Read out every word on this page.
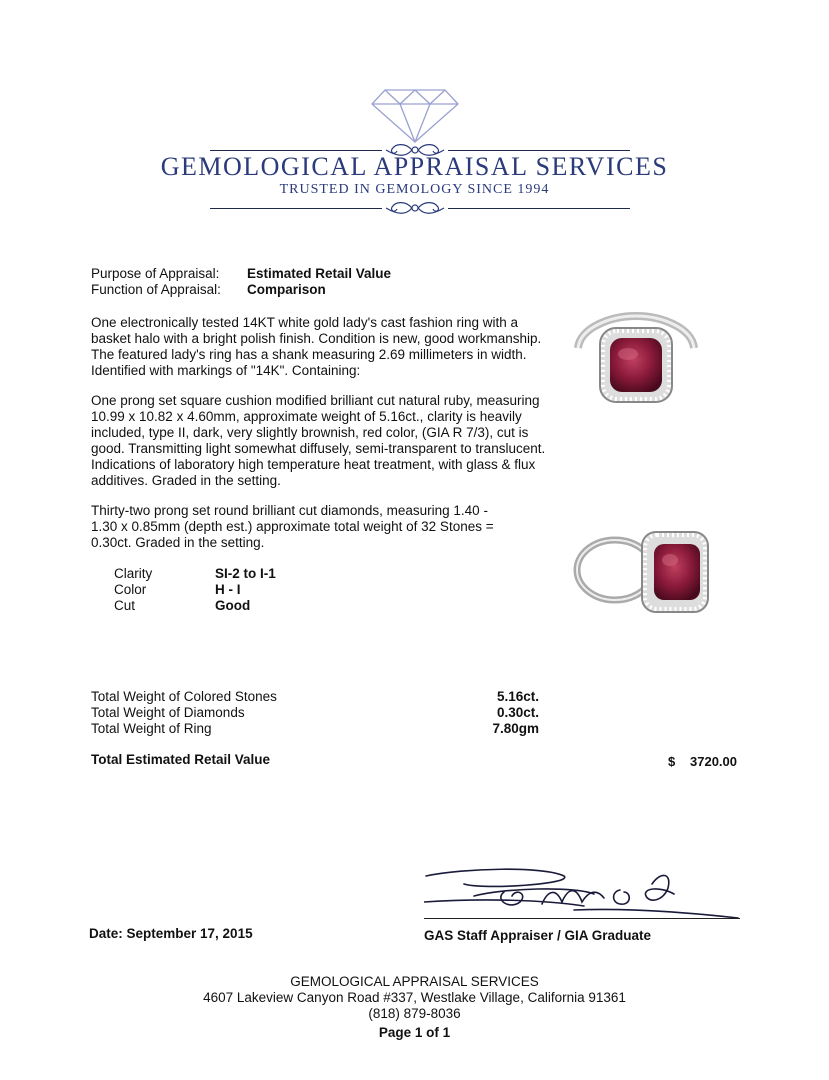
GEMOLOGICAL APPRAISAL SERVICES
TRUSTED IN GEMOLOGY SINCE 1994
Purpose of Appraisal:	Estimated Retail Value
Function of Appraisal:	Comparison
One electronically tested 14KT white gold lady's cast fashion ring with a basket halo with a bright polish finish. Condition is new, good workmanship. The featured lady's ring has a shank measuring 2.69 millimeters in width. Identified with markings of "14K". Containing:
One prong set square cushion modified brilliant cut natural ruby, measuring 10.99 x 10.82 x 4.60mm, approximate weight of 5.16ct., clarity is heavily included, type II, dark, very slightly brownish, red color, (GIA R 7/3), cut is good. Transmitting light somewhat diffusely, semi-transparent to translucent. Indications of laboratory high temperature heat treatment, with glass & flux additives. Graded in the setting.
Thirty-two prong set round brilliant cut diamonds, measuring 1.40 - 1.30 x 0.85mm (depth est.) approximate total weight of 32 Stones = 0.30ct. Graded in the setting.
Clarity	SI-2 to I-1
Color	H - I
Cut	Good
Total Weight of Colored Stones	5.16ct.
Total Weight of Diamonds	0.30ct.
Total Weight of Ring	7.80gm
Total Estimated Retail Value	$ 3720.00
Date: September 17, 2015	GAS Staff Appraiser / GIA Graduate
GEMOLOGICAL APPRAISAL SERVICES
4607 Lakeview Canyon Road #337, Westlake Village, California 91361
(818) 879-8036
Page 1 of 1
